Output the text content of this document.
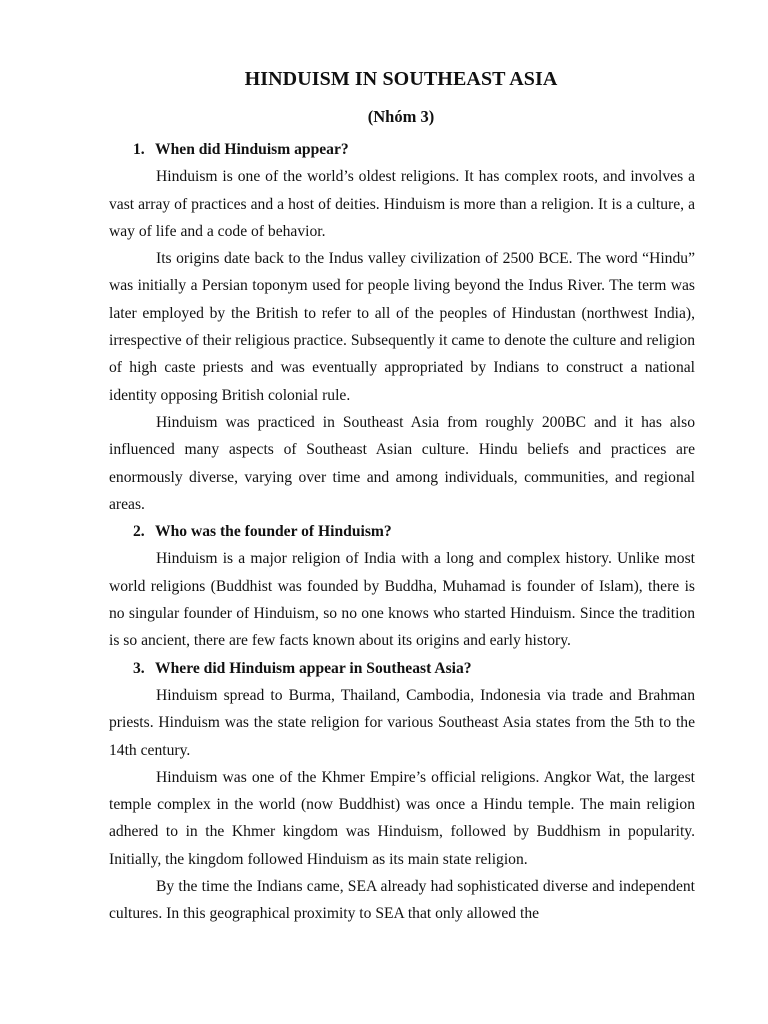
HINDUISM IN SOUTHEAST ASIA
(Nhóm 3)

1. When did Hinduism appear?

Hinduism is one of the world’s oldest religions. It has complex roots, and involves a vast array of practices and a host of deities. Hinduism is more than a religion. It is a culture, a way of life and a code of behavior.

Its origins date back to the Indus valley civilization of 2500 BCE. The word “Hindu” was initially a Persian toponym used for people living beyond the Indus River. The term was later employed by the British to refer to all of the peoples of Hindustan (northwest India), irrespective of their religious practice. Subsequently it came to denote the culture and religion of high caste priests and was eventually appropriated by Indians to construct a national identity opposing British colonial rule.

Hinduism was practiced in Southeast Asia from roughly 200BC and it has also influenced many aspects of Southeast Asian culture. Hindu beliefs and practices are enormously diverse, varying over time and among individuals, communities, and regional areas.

2. Who was the founder of Hinduism?

Hinduism is a major religion of India with a long and complex history. Unlike most world religions (Buddhist was founded by Buddha, Muhamad is founder of Islam), there is no singular founder of Hinduism, so no one knows who started Hinduism. Since the tradition is so ancient, there are few facts known about its origins and early history.

3. Where did Hinduism appear in Southeast Asia?

Hinduism spread to Burma, Thailand, Cambodia, Indonesia via trade and Brahman priests. Hinduism was the state religion for various Southeast Asia states from the 5th to the 14th century.

Hinduism was one of the Khmer Empire’s official religions. Angkor Wat, the largest temple complex in the world (now Buddhist) was once a Hindu temple. The main religion adhered to in the Khmer kingdom was Hinduism, followed by Buddhism in popularity. Initially, the kingdom followed Hinduism as its main state religion.

By the time the Indians came, SEA already had sophisticated diverse and independent cultures. In this geographical proximity to SEA that only allowed the
